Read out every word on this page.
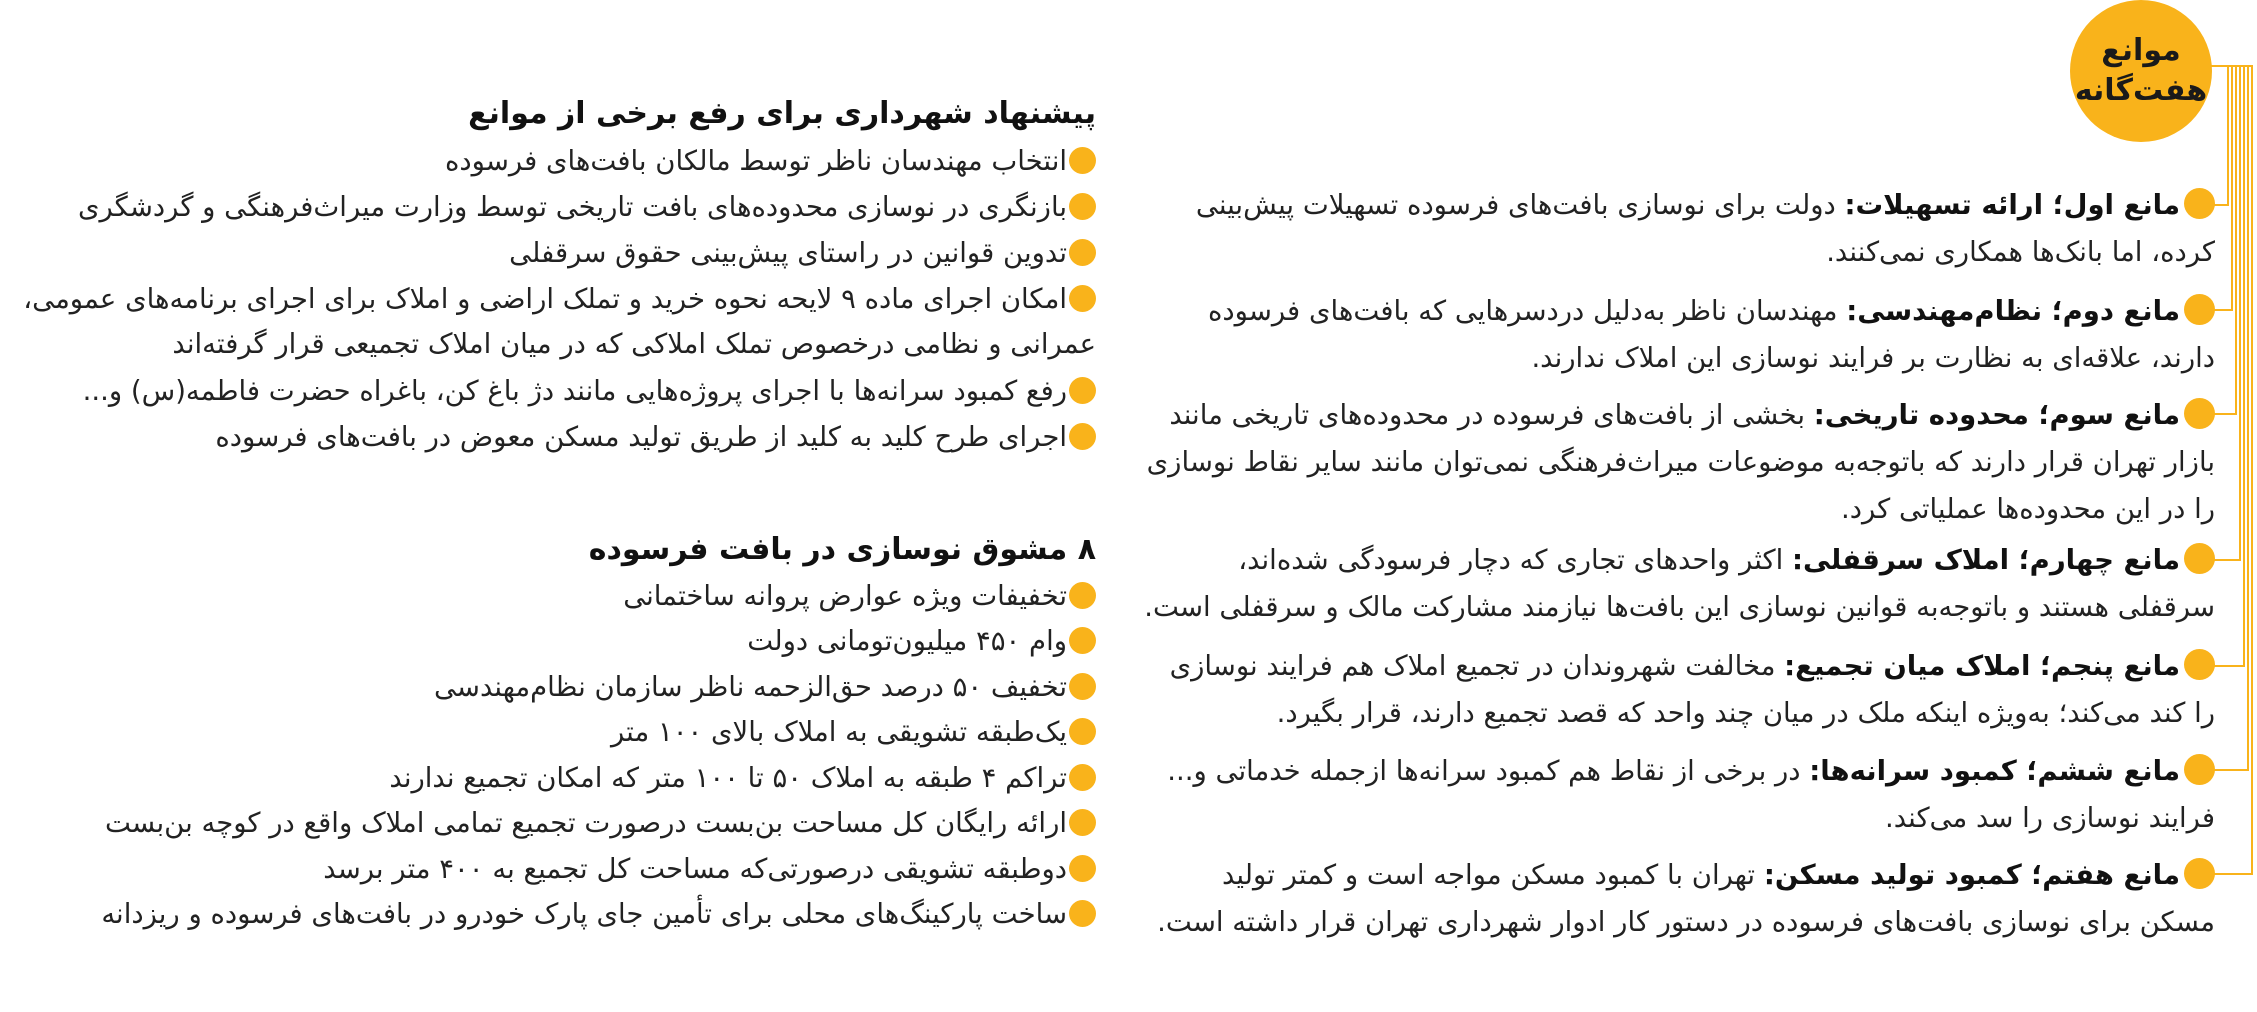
موانع
هفت‌گانه
مانع اول؛ ارائه تسهیلات: دولت برای نوسازی بافت‌های فرسوده تسهیلات پیش‌بینی کرده، اما بانک‌ها همکاری نمی‌کنند.
مانع دوم؛ نظام‌مهندسی: مهندسان ناظر به‌دلیل دردسرهایی که بافت‌های فرسوده دارند، علاقه‌ای به نظارت بر فرایند نوسازی این املاک ندارند.
مانع سوم؛ محدوده تاریخی: بخشی از بافت‌های فرسوده در محدوده‌های تاریخی مانند بازار تهران قرار دارند که باتوجه‌به موضوعات میراث‌فرهنگی نمی‌توان مانند سایر نقاط نوسازی را در این محدوده‌ها عملیاتی کرد.
مانع چهارم؛ املاک سرقفلی: اکثر واحدهای تجاری که دچار فرسودگی شده‌اند، سرقفلی هستند و باتوجه‌به قوانین نوسازی این بافت‌ها نیازمند مشارکت مالک و سرقفلی است.
مانع پنجم؛ املاک میان تجمیع: مخالفت شهروندان در تجمیع املاک هم فرایند نوسازی را کند می‌کند؛ به‌ویژه اینکه ملک در میان چند واحد که قصد تجمیع دارند، قرار بگیرد.
مانع ششم؛ کمبود سرانه‌ها: در برخی از نقاط هم کمبود سرانه‌ها ازجمله خدماتی و... فرایند نوسازی را سد می‌کند.
مانع هفتم؛ کمبود تولید مسکن: تهران با کمبود مسکن مواجه است و کمتر تولید مسکن برای نوسازی بافت‌های فرسوده در دستور کار ادوار شهرداری تهران قرار داشته است.
پیشنهاد شهرداری برای رفع برخی از موانع
انتخاب مهندسان ناظر توسط مالکان بافت‌های فرسوده
بازنگری در نوسازی محدوده‌های بافت تاریخی توسط وزارت میراث‌فرهنگی و گردشگری
تدوین قوانین در راستای پیش‌بینی حقوق سرقفلی
امکان اجرای ماده ۹ لایحه نحوه خرید و تملک اراضی و املاک برای اجرای برنامه‌های عمومی، عمرانی و نظامی درخصوص تملک املاکی که در میان املاک تجمیعی قرار گرفته‌اند
رفع کمبود سرانه‌ها با اجرای پروژه‌هایی مانند دژ باغ کن، باغراه حضرت فاطمه(س) و...
اجرای طرح کلید به کلید از طریق تولید مسکن معوض در بافت‌های فرسوده
۸ مشوق نوسازی در بافت فرسوده
تخفیفات ویژه عوارض پروانه ساختمانی
وام ۴۵۰ میلیون‌تومانی دولت
تخفیف ۵۰ درصد حق‌الزحمه ناظر سازمان نظام‌مهندسی
یک‌طبقه تشویقی به املاک بالای ۱۰۰ متر
تراکم ۴ طبقه به املاک ۵۰ تا ۱۰۰ متر که امکان تجمیع ندارند
ارائه رایگان کل مساحت بن‌بست درصورت تجمیع تمامی املاک واقع در کوچه بن‌بست
دوطبقه تشویقی درصورتی‌که مساحت کل تجمیع به ۴۰۰ متر برسد
ساخت پارکینگ‌های محلی برای تأمین جای پارک خودرو در بافت‌های فرسوده و ریزدانه
